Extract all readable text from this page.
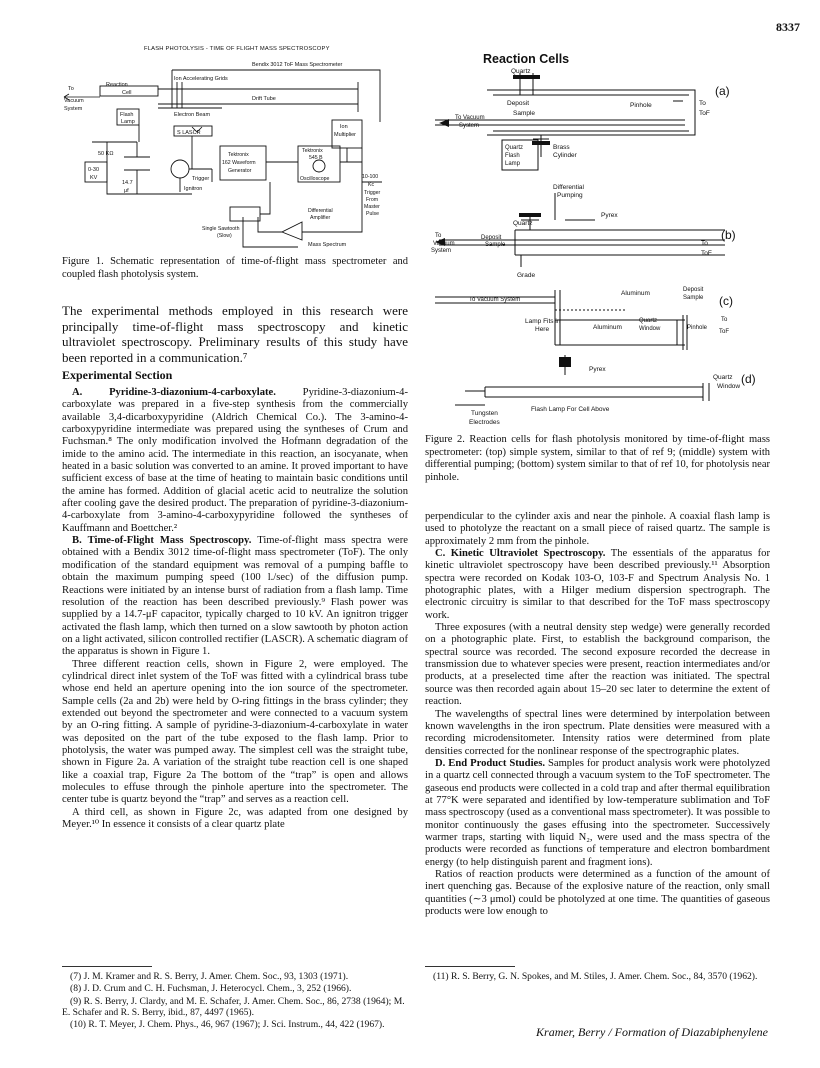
8337
FLASH PHOTOLYSIS - TIME OF FLIGHT MASS SPECTROSCOPY
Bendix 3012 ToF Mass Spectrometer
Ion Accelerating Grids
To
Vacuum
System
Reaction
Cell
Drift Tube
Electron Beam
Flash
Lamp
S LASCR
Ion
Multiplier
Tektronix
545 B
Oscilloscope
Tektronix
162 Waveform
Generator
50 KΩ
0-30
KV
14.7
μf
Trigger
Ignitron
10-100
Kc
Trigger
From
Master
Pulse
Differential
Amplifier
Single Sawtooth
(Slow)
Mass Spectrum
Figure 1. Schematic representation of time-of-flight mass spectrometer and coupled flash photolysis system.
Reaction Cells
Quartz
Deposit
Sample
Pinhole	To
ToF
(a)
To Vacuum
System
Quartz
Flash
Lamp
Brass
Cylinder
Differential
Pumping
Pyrex
Quartz
To
Vacuum
System
Deposit
Sample	To
ToF
(b)
Grade
To Vacuum System
Aluminum	Deposit
Sample (c)
Lamp Fits in
Here	Aluminum
Quartz
Window
To
Pinhole
ToF
Pyrex
Quartz
Window
(d)
Tungsten
Electrodes
Flash Lamp For Cell Above
Figure 2. Reaction cells for flash photolysis monitored by time-of-flight mass spectrometer: (top) simple system, similar to that of ref 9; (middle) system with differential pumping; (bottom) system similar to that of ref 10, for photolysis near pinhole.
The experimental methods employed in this research were principally time-of-flight mass spectroscopy and kinetic ultraviolet spectroscopy. Preliminary results of this study have been reported in a communication.⁷
Experimental Section

A. Pyridine-3-diazonium-4-carboxylate. Pyridine-3-diazonium-4-carboxylate was prepared in a five-step synthesis from the commercially available 3,4-dicarboxypyridine (Aldrich Chemical Co.). The 3-amino-4-carboxypyridine intermediate was prepared using the syntheses of Crum and Fuchsman.⁸ The only modification involved the Hofmann degradation of the imide to the amino acid. The intermediate in this reaction, an isocyanate, when heated in a basic solution was converted to an amine. It proved important to have sufficient excess of base at the time of heating to maintain basic conditions until the amine has formed. Addition of glacial acetic acid to neutralize the solution after cooling gave the desired product. The preparation of pyridine-3-diazonium-4-carboxylate from 3-amino-4-carboxypyridine followed the syntheses of Kauffmann and Boettcher.²

B. Time-of-Flight Mass Spectroscopy. Time-of-flight mass spectra were obtained with a Bendix 3012 time-of-flight mass spectrometer (ToF). The only modification of the standard equipment was removal of a pumping baffle to obtain the maximum pumping speed (100 l./sec) of the diffusion pump. Reactions were initiated by an intense burst of radiation from a flash lamp. Time resolution of the reaction has been described previously.⁹ Flash power was supplied by a 14.7-μF capacitor, typically charged to 10 kV. An ignitron trigger activated the flash lamp, which then turned on a slow sawtooth by photon action on a light activated, silicon controlled rectifier (LASCR). A schematic diagram of the apparatus is shown in Figure 1.

Three different reaction cells, shown in Figure 2, were employed. The cylindrical direct inlet system of the ToF was fitted with a cylindrical brass tube whose end held an aperture opening into the ion source of the spectrometer. Sample cells (2a and 2b) were held by O-ring fittings in the brass cylinder; they extended out beyond the spectrometer and were connected to a vacuum system by an O-ring fitting. A sample of pyridine-3-diazonium-4-carboxylate in water was deposited on the part of the tube exposed to the flash lamp. Prior to photolysis, the water was pumped away. The simplest cell was the straight tube, shown in Figure 2a. A variation of the straight tube reaction cell is one shaped like a coaxial trap, Figure 2a The bottom of the “trap” is open and allows molecules to effuse through the pinhole aperture into the spectrometer. The center tube is quartz beyond the “trap” and serves as a reaction cell.

A third cell, as shown in Figure 2c, was adapted from one designed by Meyer.¹⁰ In essence it consists of a clear quartz plate

(7) J. M. Kramer and R. S. Berry, J. Amer. Chem. Soc., 93, 1303 (1971).

(8) J. D. Crum and C. H. Fuchsman, J. Heterocycl. Chem., 3, 252 (1966).

(9) R. S. Berry, J. Clardy, and M. E. Schafer, J. Amer. Chem. Soc., 86, 2738 (1964); M. E. Schafer and R. S. Berry, ibid., 87, 4497 (1965).

(10) R. T. Meyer, J. Chem. Phys., 46, 967 (1967); J. Sci. Instrum., 44, 422 (1967).

perpendicular to the cylinder axis and near the pinhole. A coaxial flash lamp is used to photolyze the reactant on a small piece of raised quartz. The sample is approximately 2 mm from the pinhole.

C. Kinetic Ultraviolet Spectroscopy. The essentials of the apparatus for kinetic ultraviolet spectroscopy have been described previously.¹¹ Absorption spectra were recorded on Kodak 103-O, 103-F and Spectrum Analysis No. 1 photographic plates, with a Hilger medium dispersion spectrograph. The electronic circuitry is similar to that described for the ToF mass spectroscopy work.

Three exposures (with a neutral density step wedge) were generally recorded on a photographic plate. First, to establish the background comparison, the spectral source was recorded. The second exposure recorded the decrease in transmission due to whatever species were present, reaction intermediates and/or products, at a preselected time after the reaction was initiated. The spectral source was then recorded again about 15–20 sec later to determine the extent of reaction.

The wavelengths of spectral lines were determined by interpolation between known wavelengths in the iron spectrum. Plate densities were measured with a recording microdensitometer. Intensity ratios were determined from plate densities corrected for the nonlinear response of the spectrographic plates.

D. End Product Studies. Samples for product analysis work were photolyzed in a quartz cell connected through a vacuum system to the ToF spectrometer. The gaseous end products were collected in a cold trap and after thermal equilibration at 77°K were separated and identified by low-temperature sublimation and ToF mass spectroscopy (used as a conventional mass spectrometer). It was possible to monitor continuously the gases effusing into the spectrometer. Successively warmer traps, starting with liquid N₂, were used and the mass spectra of the products were recorded as functions of temperature and electron bombardment energy (to help distinguish parent and fragment ions).

Ratios of reaction products were determined as a function of the amount of inert quenching gas. Because of the explosive nature of the reaction, only small quantities (∼3 μmol) could be photolyzed at one time. The quantities of gaseous products were low enough to

(11) R. S. Berry, G. N. Spokes, and M. Stiles, J. Amer. Chem. Soc., 84, 3570 (1962).

Kramer, Berry / Formation of Diazabiphenylene
